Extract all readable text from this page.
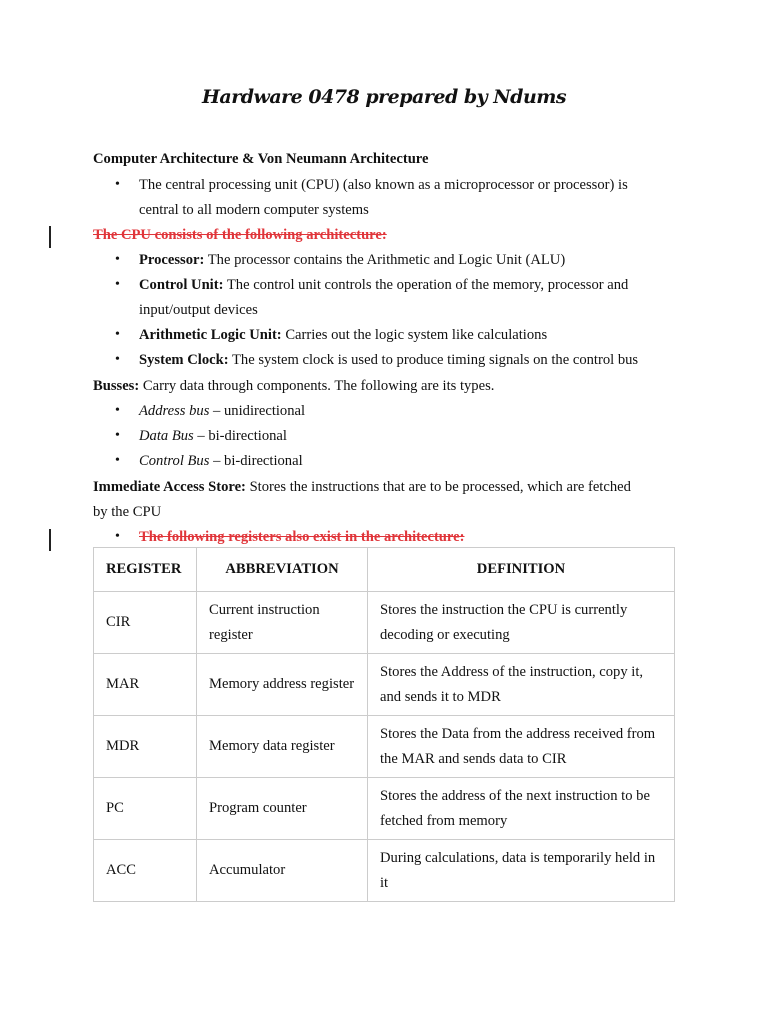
Hardware 0478 prepared by Ndums
Computer Architecture & Von Neumann Architecture
• The central processing unit (CPU) (also known as a microprocessor or processor) is
central to all modern computer systems
The CPU consists of the following architecture:
• Processor: The processor contains the Arithmetic and Logic Unit (ALU)
• Control Unit: The control unit controls the operation of the memory, processor and
input/output devices
• Arithmetic Logic Unit: Carries out the logic system like calculations
• System Clock: The system clock is used to produce timing signals on the control bus
Busses: Carry data through components. The following are its types.
• Address bus – unidirectional
• Data Bus – bi-directional
• Control Bus – bi-directional
Immediate Access Store: Stores the instructions that are to be processed, which are fetched
by the CPU
• The following registers also exist in the architecture:
REGISTER	ABBREVIATION	DEFINITION
CIR	Current instruction register	Stores the instruction the CPU is currently decoding or executing
MAR	Memory address register	Stores the Address of the instruction, copy it, and sends it to MDR
MDR	Memory data register	Stores the Data from the address received from the MAR and sends data to CIR
PC	Program counter	Stores the address of the next instruction to be fetched from memory
ACC	Accumulator	During calculations, data is temporarily held in it
